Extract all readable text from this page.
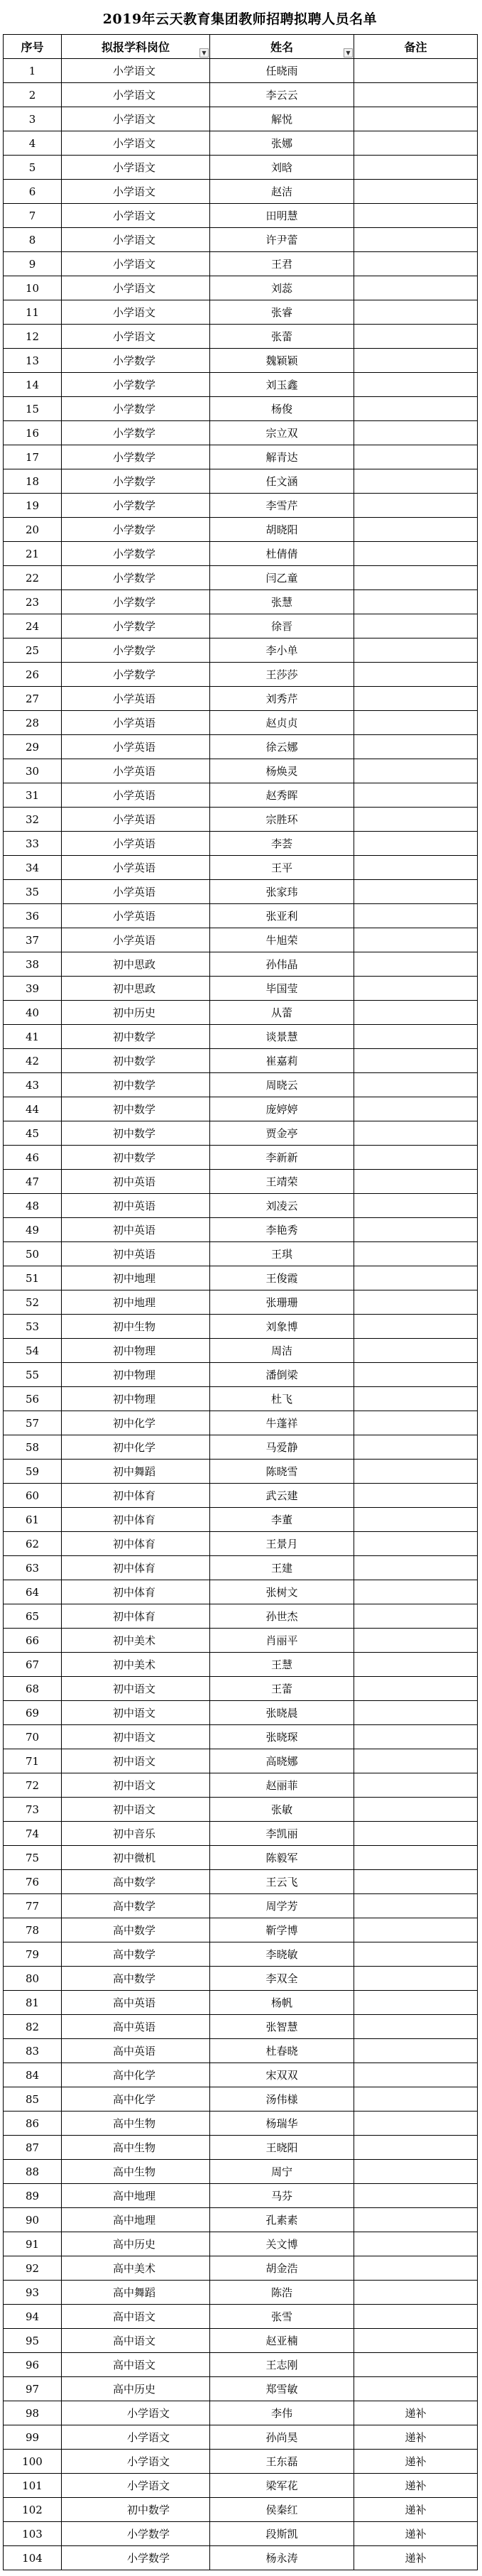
2019年云天教育集团教师招聘拟聘人员名单
序号	拟报学科岗位 ▼	姓名 ▼	备注
1	小学语文	任晓雨	
2	小学语文	李云云	
3	小学语文	解悦	
4	小学语文	张娜	
5	小学语文	刘晗	
6	小学语文	赵洁	
7	小学语文	田明慧	
8	小学语文	许尹蕾	
9	小学语文	王君	
10	小学语文	刘蕊	
11	小学语文	张睿	
12	小学语文	张蕾	
13	小学数学	魏颖颖	
14	小学数学	刘玉鑫	
15	小学数学	杨俊	
16	小学数学	宗立双	
17	小学数学	解青达	
18	小学数学	任文涵	
19	小学数学	李雪芹	
20	小学数学	胡晓阳	
21	小学数学	杜倩倩	
22	小学数学	闫乙童	
23	小学数学	张慧	
24	小学数学	徐晋	
25	小学数学	李小单	
26	小学数学	王莎莎	
27	小学英语	刘秀芹	
28	小学英语	赵贞贞	
29	小学英语	徐云娜	
30	小学英语	杨焕灵	
31	小学英语	赵秀晖	
32	小学英语	宗胜环	
33	小学英语	李荟	
34	小学英语	王平	
35	小学英语	张家玮	
36	小学英语	张亚利	
37	小学英语	牛旭荣	
38	初中思政	孙伟晶	
39	初中思政	毕国莹	
40	初中历史	从蕾	
41	初中数学	谈景慧	
42	初中数学	崔嘉莉	
43	初中数学	周晓云	
44	初中数学	庞婷婷	
45	初中数学	贾金亭	
46	初中数学	李新新	
47	初中英语	王靖荣	
48	初中英语	刘凌云	
49	初中英语	李艳秀	
50	初中英语	王琪	
51	初中地理	王俊霞	
52	初中地理	张珊珊	
53	初中生物	刘象博	
54	初中物理	周洁	
55	初中物理	潘倒梁	
56	初中物理	杜飞	
57	初中化学	牛蓬祥	
58	初中化学	马爱静	
59	初中舞蹈	陈晓雪	
60	初中体育	武云建	
61	初中体育	李董	
62	初中体育	王景月	
63	初中体育	王建	
64	初中体育	张树文	
65	初中体育	孙世杰	
66	初中美术	肖丽平	
67	初中美术	王慧	
68	初中语文	王蕾	
69	初中语文	张晓晨	
70	初中语文	张晓琛	
71	初中语文	高晓娜	
72	初中语文	赵丽菲	
73	初中语文	张敏	
74	初中音乐	李凯丽	
75	初中微机	陈毅军	
76	高中数学	王云飞	
77	高中数学	周学芳	
78	高中数学	靳学博	
79	高中数学	李晓敏	
80	高中数学	李双全	
81	高中英语	杨帆	
82	高中英语	张智慧	
83	高中英语	杜春晓	
84	高中化学	宋双双	
85	高中化学	汤伟様	
86	高中生物	杨瑞华	
87	高中生物	王晓阳	
88	高中生物	周宁	
89	高中地理	马芬	
90	高中地理	孔素素	
91	高中历史	关文博	
92	高中美术	胡金浩	
93	高中舞蹈	陈浩	
94	高中语文	张雪	
95	高中语文	赵亚楠	
96	高中语文	王志刚	
97	高中历史	郑雪敏	
98	小学语文	李伟	递补
99	小学语文	孙尚昊	递补
100	小学语文	王东磊	递补
101	小学语文	梁军花	递补
102	初中数学	侯秦红	递补
103	小学数学	段斯凯	递补
104	小学数学	杨永涛	递补
